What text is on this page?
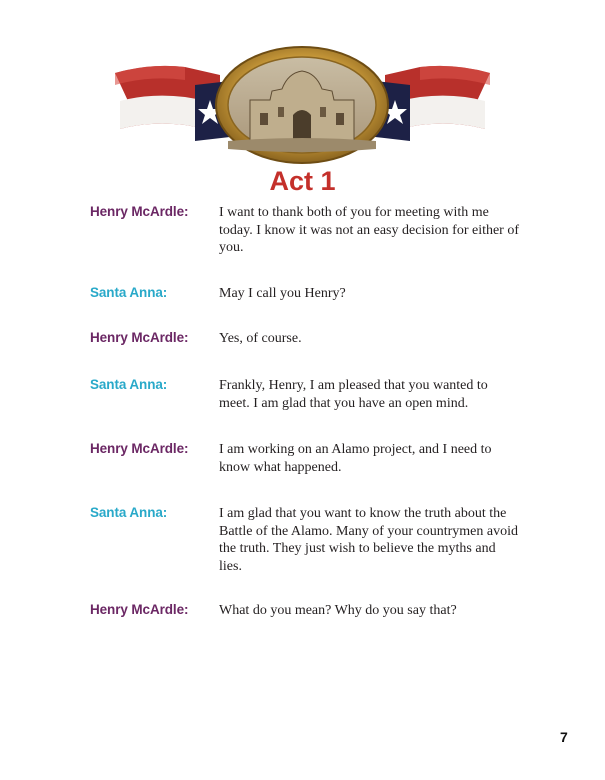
Act 1
Henry McArdle:	I want to thank both of you for meeting with me today. I know it was not an easy decision for either of you.
Santa Anna:	May I call you Henry?
Henry McArdle:	Yes, of course.
Santa Anna:	Frankly, Henry, I am pleased that you wanted to meet. I am glad that you have an open mind.
Henry McArdle:	I am working on an Alamo project, and I need to know what happened.
Santa Anna:	I am glad that you want to know the truth about the Battle of the Alamo. Many of your countrymen avoid the truth. They just wish to believe the myths and lies.
Henry McArdle:	What do you mean? Why do you say that?
7
